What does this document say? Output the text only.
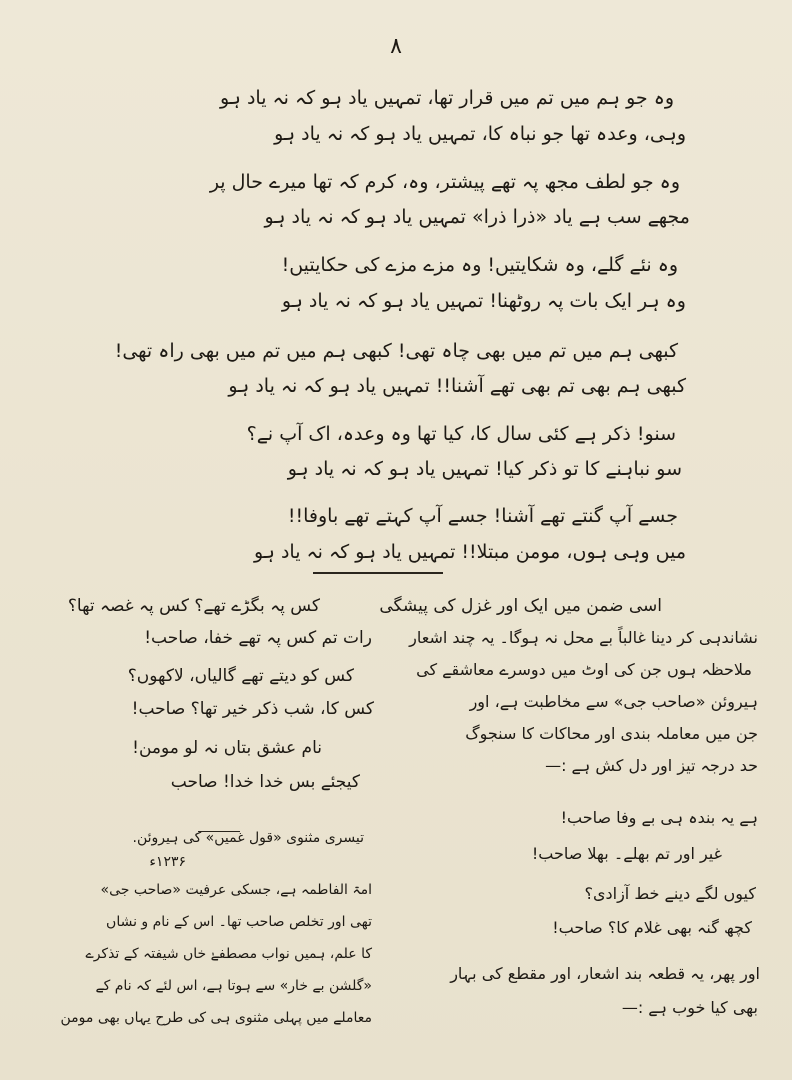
۸
وہ جو ہم میں تم میں قرار تھا، تمہیں یاد ہو کہ نہ یاد ہو
وہی، وعدہ تھا جو نباہ کا، تمہیں یاد ہو کہ نہ یاد ہو
وہ جو لطف مجھ پہ تھے پیشتر، وہ، کرم کہ تھا میرے حال پر
مجھے سب ہے یاد «ذرا ذرا» تمہیں یاد ہو کہ نہ یاد ہو
وہ نئے گلے، وہ شکایتیں! وہ مزے مزے کی حکایتیں!
وہ ہر ایک بات پہ روٹھنا! تمہیں یاد ہو کہ نہ یاد ہو
کبھی ہم میں تم میں بھی چاہ تھی! کبھی ہم میں تم میں بھی راہ تھی!
کبھی ہم بھی تم بھی تھے آشنا!! تمہیں یاد ہو کہ نہ یاد ہو
سنو! ذکر ہے کئی سال کا، کیا تھا وہ وعدہ، اک آپ نے؟
سو نباہنے کا تو ذکر کیا! تمہیں یاد ہو کہ نہ یاد ہو
جسے آپ گنتے تھے آشنا! جسے آپ کہتے تھے باوفا!!
میں وہی ہوں، مومن مبتلا!! تمہیں یاد ہو کہ نہ یاد ہو
اسی ضمن میں ایک اور غزل کی پیشگی
نشاندہی کر دینا غالباً بے محل نہ ہوگا۔ یہ چند اشعار
ملاحظہ ہوں جن کی اوٹ میں دوسرے معاشقے کی
ہیروئن «صاحب جی» سے مخاطبت ہے، اور
جن میں معاملہ بندی اور محاکات کا سنجوگ
حد درجہ تیز اور دل کش ہے :—
ہے یہ بندہ ہی بے وفا صاحب!
غیر اور تم بھلے۔ بھلا صاحب!
کیوں لگے دینے خط آزادی؟
کچھ گنہ بھی غلام کا؟ صاحب!
اور پھر، یہ قطعہ بند اشعار، اور مقطع کی بہار
بھی کیا خوب ہے :—
کس پہ بگڑے تھے؟ کس پہ غصہ تھا؟
رات تم کس پہ تھے خفا، صاحب!
کس کو دیتے تھے گالیاں، لاکھوں؟
کس کا، شب ذکر خیر تھا؟ صاحب!
نام عشق بتاں نہ لو مومن!
کیجئے بس خدا خدا! صاحب
تیسری مثنوی «قول غمیں» کی ہیروئن.
۱۲۳۶ء
امۃ الفاطمہ ہے، جسکی عرفیت «صاحب جی»
تھی اور تخلص صاحب تھا۔ اس کے نام و نشاں
کا علم، ہمیں نواب مصطفےٰ خاں شیفتہ کے تذکرے
«گلشن بے خار» سے ہوتا ہے، اس لئے کہ نام کے
معاملے میں پہلی مثنوی ہی کی طرح یہاں بھی مومن
